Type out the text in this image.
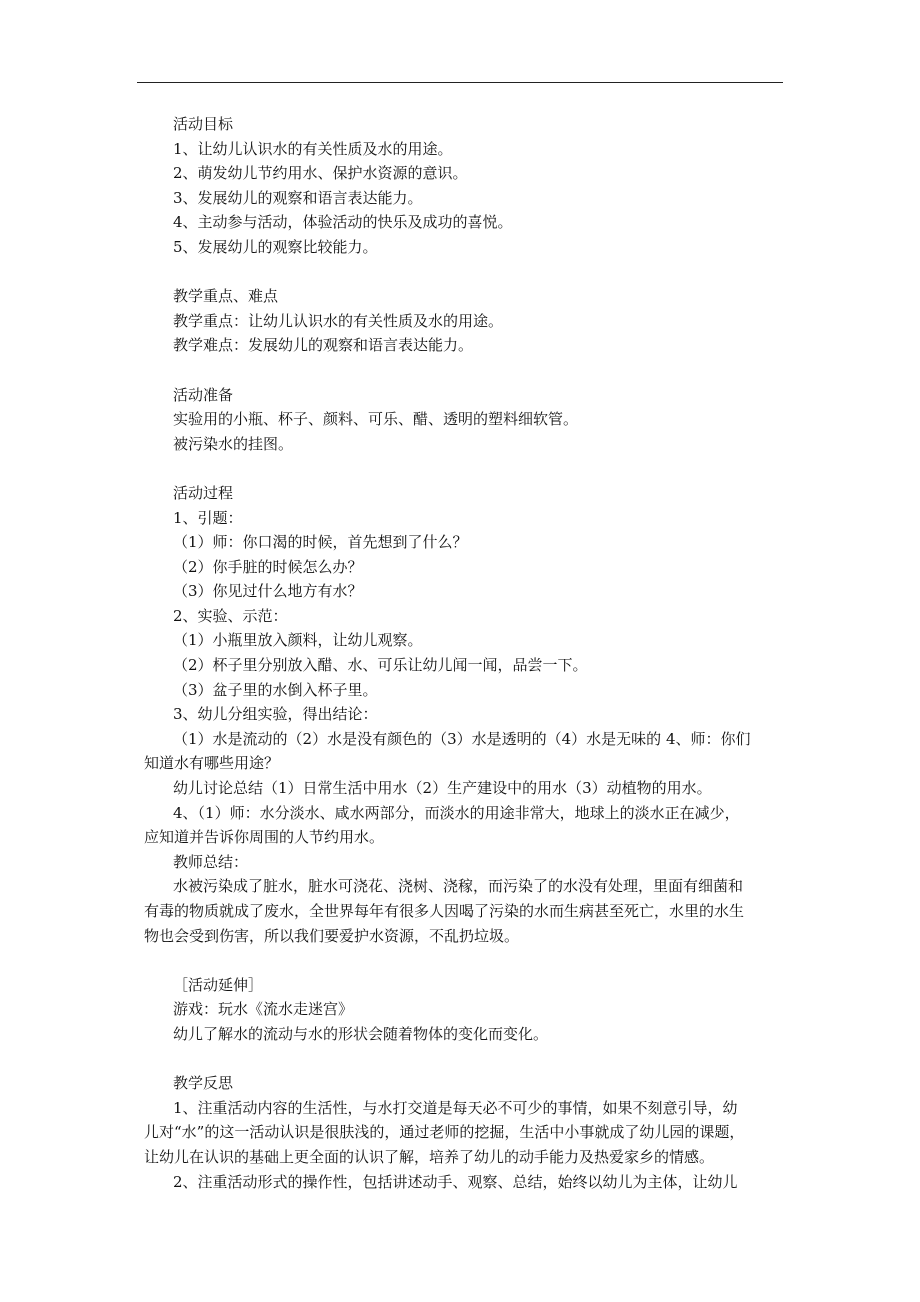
活动目标

1、让幼儿认识水的有关性质及水的用途。

2、萌发幼儿节约用水、保护水资源的意识。

3、发展幼儿的观察和语言表达能力。

4、主动参与活动，体验活动的快乐及成功的喜悦。

5、发展幼儿的观察比较能力。

教学重点、难点

教学重点：让幼儿认识水的有关性质及水的用途。

教学难点：发展幼儿的观察和语言表达能力。

活动准备

实验用的小瓶、杯子、颜料、可乐、醋、透明的塑料细软管。

被污染水的挂图。

活动过程

1、引题：

（1）师：你口渴的时候，首先想到了什么？

（2）你手脏的时候怎么办？

（3）你见过什么地方有水？

2、实验、示范：

（1）小瓶里放入颜料，让幼儿观察。

（2）杯子里分别放入醋、水、可乐让幼儿闻一闻，品尝一下。

（3）盆子里的水倒入杯子里。

3、幼儿分组实验，得出结论：

（1）水是流动的（2）水是没有颜色的（3）水是透明的（4）水是无味的 4、师：你们
知道水有哪些用途？
幼儿讨论总结（1）日常生活中用水（2）生产建设中的用水（3）动植物的用水。
4、（1）师：水分淡水、咸水两部分，而淡水的用途非常大，地球上的淡水正在减少，
应知道并告诉你周围的人节约用水。

教师总结：

水被污染成了脏水，脏水可浇花、浇树、浇稼，而污染了的水没有处理，里面有细菌和
有毒的物质就成了废水，全世界每年有很多人因喝了污染的水而生病甚至死亡，水里的水生
物也会受到伤害，所以我们要爱护水资源，不乱扔垃圾。

［活动延伸］

游戏：玩水《流水走迷宫》

幼儿了解水的流动与水的形状会随着物体的变化而变化。

教学反思

1、注重活动内容的生活性，与水打交道是每天必不可少的事情，如果不刻意引导，幼
儿对“水”的这一活动认识是很肤浅的，通过老师的挖掘，生活中小事就成了幼儿园的课题，
让幼儿在认识的基础上更全面的认识了解，培养了幼儿的动手能力及热爱家乡的情感。
2、注重活动形式的操作性，包括讲述动手、观察、总结，始终以幼儿为主体，让幼儿
